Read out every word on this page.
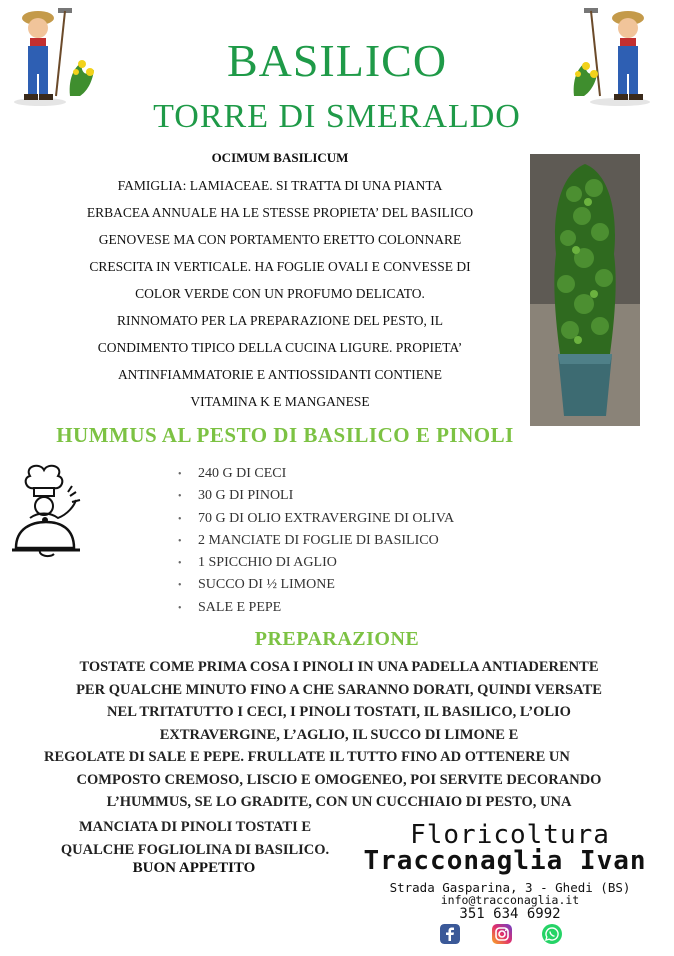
BASILICO
TORRE DI SMERALDO
OCIMUM BASILICUM
FAMIGLIA: LAMIACEAE. SI TRATTA DI UNA PIANTA
ERBACEA ANNUALE HA LE STESSE PROPIETA’ DEL BASILICO
GENOVESE MA CON PORTAMENTO ERETTO COLONNARE
CRESCITA IN VERTICALE. HA FOGLIE OVALI E CONVESSE DI
COLOR VERDE CON UN PROFUMO DELICATO.
RINNOMATO PER LA PREPARAZIONE DEL PESTO, IL
CONDIMENTO TIPICO DELLA CUCINA LIGURE. PROPIETA’
ANTINFIAMMATORIE E ANTIOSSIDANTI CONTIENE
VITAMINA K E MANGANESE
HUMMUS AL PESTO DI BASILICO E PINOLI
• 240 G DI CECI
• 30 G DI PINOLI
• 70 G DI OLIO EXTRAVERGINE DI OLIVA
• 2 MANCIATE DI FOGLIE DI BASILICO
• 1 SPICCHIO DI AGLIO
• SUCCO DI ½ LIMONE
• SALE E PEPE
PREPARAZIONE
TOSTATE COME PRIMA COSA I PINOLI IN UNA PADELLA ANTIADERENTE
PER QUALCHE MINUTO FINO A CHE SARANNO DORATI, QUINDI VERSATE
NEL TRITATUTTO I CECI, I PINOLI TOSTATI, IL BASILICO, L’OLIO
EXTRAVERGINE, L’AGLIO, IL SUCCO DI LIMONE E
REGOLATE DI SALE E PEPE. FRULLATE IL TUTTO FINO AD OTTENERE UN
COMPOSTO CREMOSO, LISCIO E OMOGENEO, POI SERVITE DECORANDO
L’HUMMUS, SE LO GRADITE, CON UN CUCCHIAIO DI PESTO, UNA
MANCIATA DI PINOLI TOSTATI E
QUALCHE FOGLIOLINA DI BASILICO.
BUON APPETITO
Floricoltura
Tracconaglia Ivan
Strada Gasparina, 3 - Ghedi (BS)
info@tracconaglia.it
351 634 6992
